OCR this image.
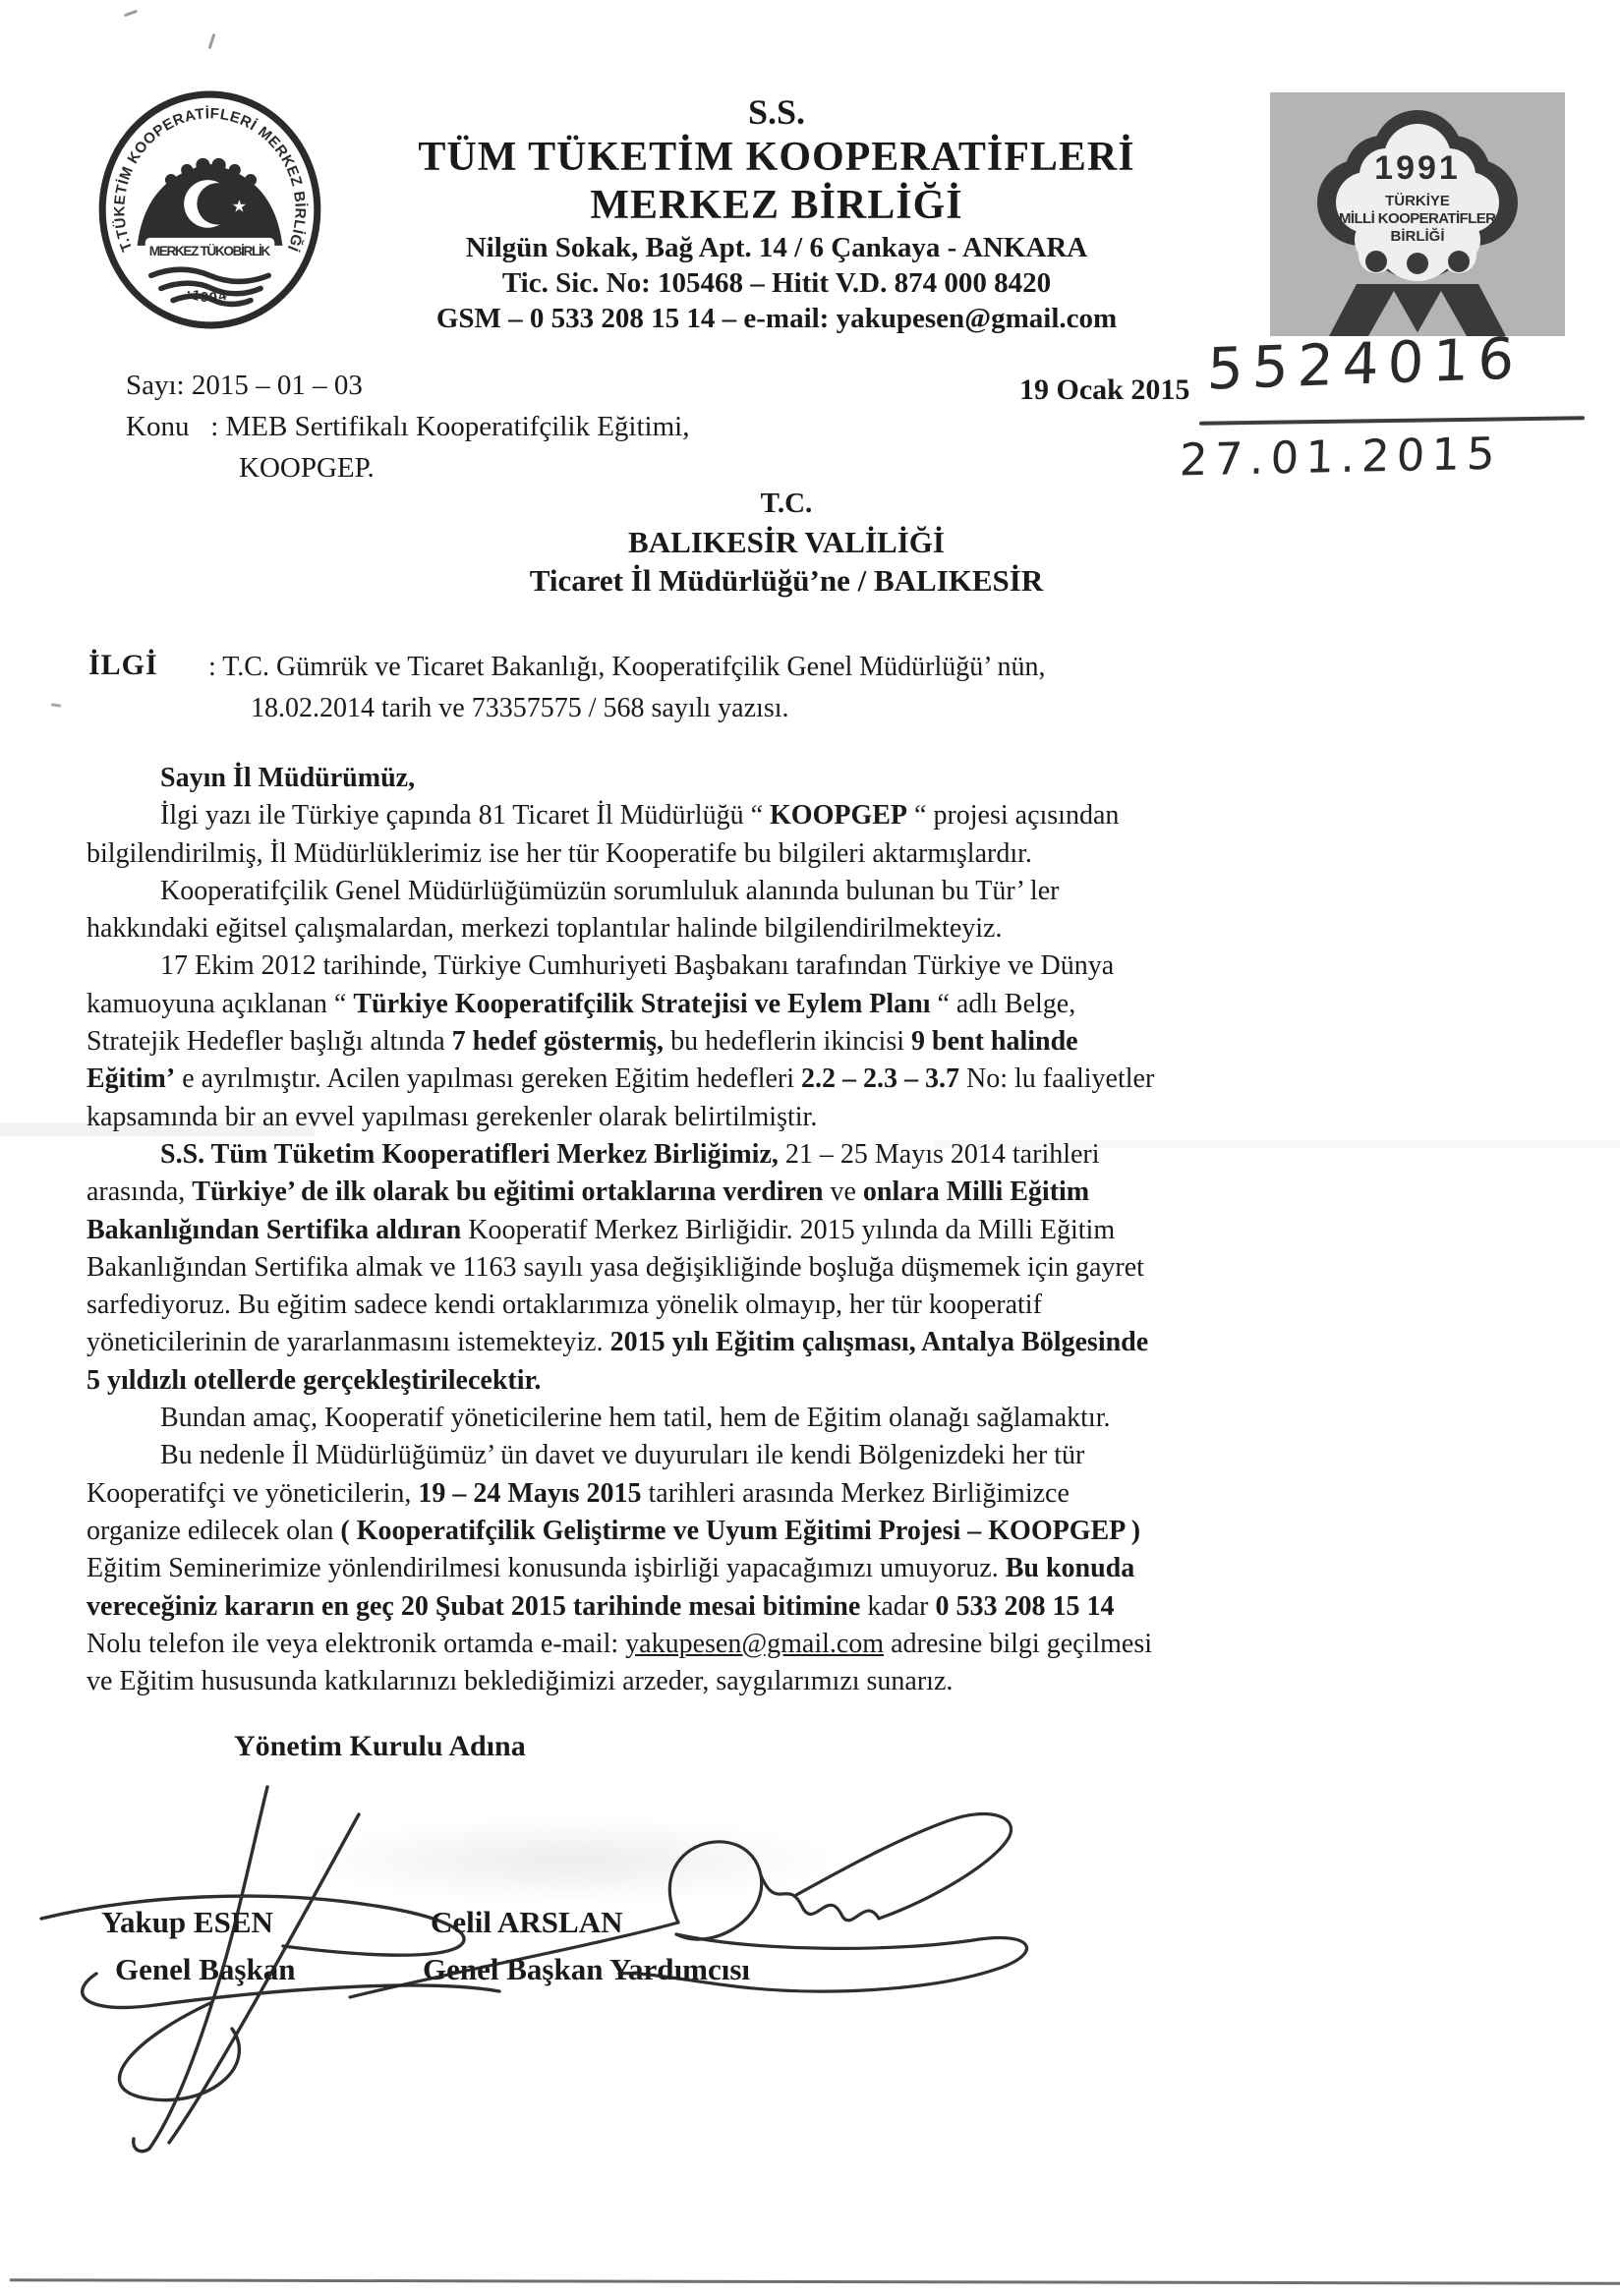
T.TÜKETİM KOOPERATİFLERİ MERKEZ BİRLİĞİ
★
MERKEZ TÜKOBİRLİK
·1994·
S.S.
TÜM TÜKETİM KOOPERATİFLERİ
MERKEZ BİRLİĞİ
Nilgün Sokak, Bağ Apt. 14 / 6 Çankaya - ANKARA
Tic. Sic. No: 105468 – Hitit V.D. 874 000 8420
GSM – 0 533 208 15 14 – e-mail: yakupesen@gmail.com
1991
TÜRKİYE
MİLLİ KOOPERATİFLER
BİRLİĞİ
Sayı: 2015 – 01 – 03
Konu   : MEB Sertifikalı Kooperatifçilik Eğitimi,
KOOPGEP.
19 Ocak 2015 5524016
27.01.2015
T.C.
BALIKESİR VALİLİĞİ
Ticaret İl Müdürlüğü’ne / BALIKESİR
İLGİ : T.C. Gümrük ve Ticaret Bakanlığı, Kooperatifçilik Genel Müdürlüğü’ nün,
18.02.2014 tarih ve 73357575 / 568 sayılı yazısı.
Sayın İl Müdürümüz,
İlgi yazı ile Türkiye çapında 81 Ticaret İl Müdürlüğü “ KOOPGEP “ projesi açısından
bilgilendirilmiş, İl Müdürlüklerimiz ise her tür Kooperatife bu bilgileri aktarmışlardır.
Kooperatifçilik Genel Müdürlüğümüzün sorumluluk alanında bulunan bu Tür’ ler
hakkındaki eğitsel çalışmalardan, merkezi toplantılar halinde bilgilendirilmekteyiz.
17 Ekim 2012 tarihinde, Türkiye Cumhuriyeti Başbakanı tarafından Türkiye ve Dünya
kamuoyuna açıklanan “ Türkiye Kooperatifçilik Stratejisi ve Eylem Planı “ adlı Belge,
Stratejik Hedefler başlığı altında 7 hedef göstermiş, bu hedeflerin ikincisi 9 bent halinde
Eğitim’ e ayrılmıştır. Acilen yapılması gereken Eğitim hedefleri 2.2 – 2.3 – 3.7 No: lu faaliyetler
kapsamında bir an evvel yapılması gerekenler olarak belirtilmiştir.
S.S. Tüm Tüketim Kooperatifleri Merkez Birliğimiz, 21 – 25 Mayıs 2014 tarihleri
arasında, Türkiye’ de ilk olarak bu eğitimi ortaklarına verdiren ve onlara Milli Eğitim
Bakanlığından Sertifika aldıran Kooperatif Merkez Birliğidir. 2015 yılında da Milli Eğitim
Bakanlığından Sertifika almak ve 1163 sayılı yasa değişikliğinde boşluğa düşmemek için gayret
sarfediyoruz. Bu eğitim sadece kendi ortaklarımıza yönelik olmayıp, her tür kooperatif
yöneticilerinin de yararlanmasını istemekteyiz. 2015 yılı Eğitim çalışması, Antalya Bölgesinde
5 yıldızlı otellerde gerçekleştirilecektir.
Bundan amaç, Kooperatif yöneticilerine hem tatil, hem de Eğitim olanağı sağlamaktır.
Bu nedenle İl Müdürlüğümüz’ ün davet ve duyuruları ile kendi Bölgenizdeki her tür
Kooperatifçi ve yöneticilerin, 19 – 24 Mayıs 2015 tarihleri arasında Merkez Birliğimizce
organize edilecek olan ( Kooperatifçilik Geliştirme ve Uyum Eğitimi Projesi – KOOPGEP )
Eğitim Seminerimize yönlendirilmesi konusunda işbirliği yapacağımızı umuyoruz. Bu konuda
vereceğiniz kararın en geç 20 Şubat 2015 tarihinde mesai bitimine kadar 0 533 208 15 14
Nolu telefon ile veya elektronik ortamda e-mail: yakupesen@gmail.com adresine bilgi geçilmesi
ve Eğitim hususunda katkılarınızı beklediğimizi arzeder, saygılarımızı sunarız.
Yönetim Kurulu Adına
Yakup ESEN
Genel Başkan
Celil ARSLAN
Genel Başkan Yardımcısı
